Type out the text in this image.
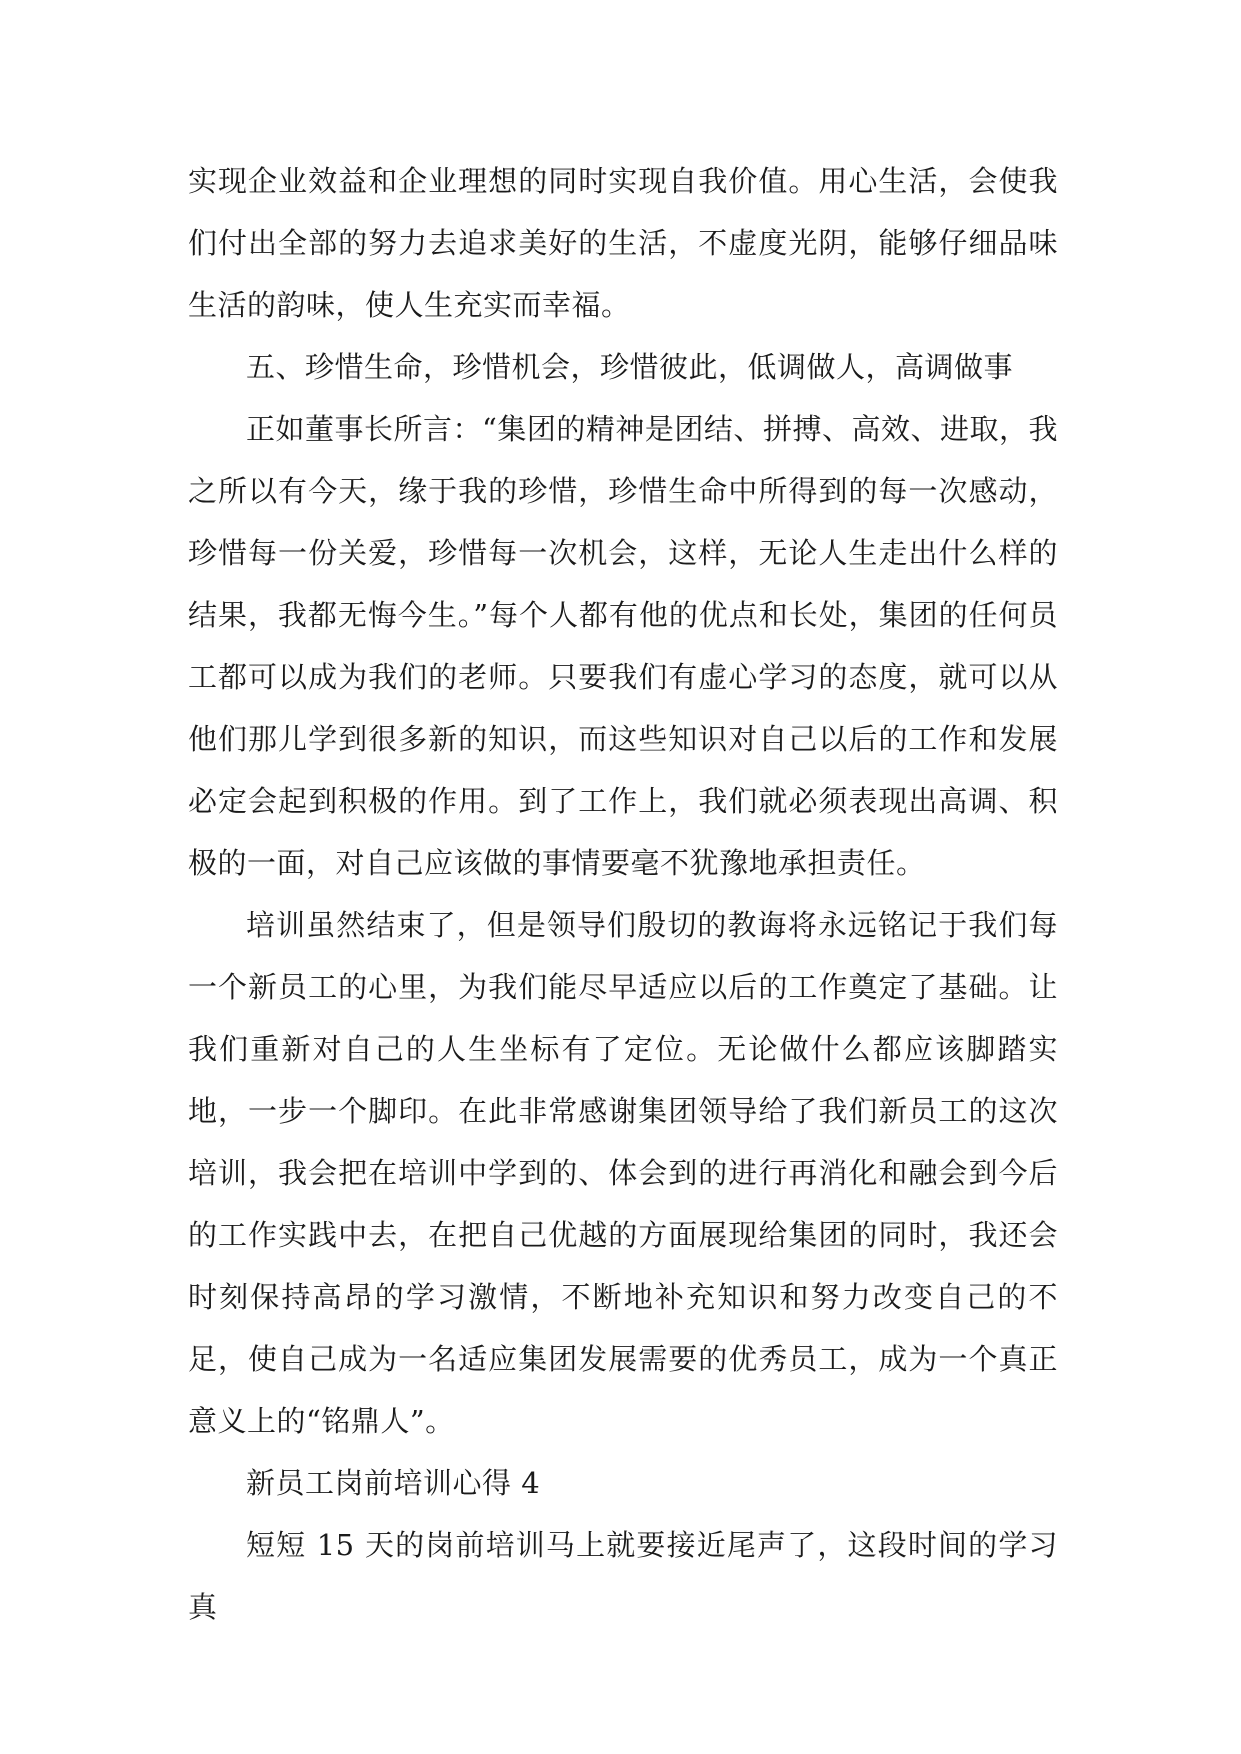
实现企业效益和企业理想的同时实现自我价值。用心生活，会使我们付出全部的努力去追求美好的生活，不虚度光阴，能够仔细品味生活的韵味，使人生充实而幸福。

五、珍惜生命，珍惜机会，珍惜彼此，低调做人，高调做事

正如董事长所言：“集团的精神是团结、拼搏、高效、进取，我之所以有今天，缘于我的珍惜，珍惜生命中所得到的每一次感动，珍惜每一份关爱，珍惜每一次机会，这样，无论人生走出什么样的结果，我都无悔今生。”每个人都有他的优点和长处，集团的任何员工都可以成为我们的老师。只要我们有虚心学习的态度，就可以从他们那儿学到很多新的知识，而这些知识对自己以后的工作和发展必定会起到积极的作用。到了工作上，我们就必须表现出高调、积极的一面，对自己应该做的事情要毫不犹豫地承担责任。

培训虽然结束了，但是领导们殷切的教诲将永远铭记于我们每一个新员工的心里，为我们能尽早适应以后的工作奠定了基础。让我们重新对自己的人生坐标有了定位。无论做什么都应该脚踏实地，一步一个脚印。在此非常感谢集团领导给了我们新员工的这次培训，我会把在培训中学到的、体会到的进行再消化和融会到今后的工作实践中去，在把自己优越的方面展现给集团的同时，我还会时刻保持高昂的学习激情，不断地补充知识和努力改变自己的不足，使自己成为一名适应集团发展需要的优秀员工，成为一个真正意义上的“铭鼎人”。

新员工岗前培训心得 4

短短 15 天的岗前培训马上就要接近尾声了，这段时间的学习真
